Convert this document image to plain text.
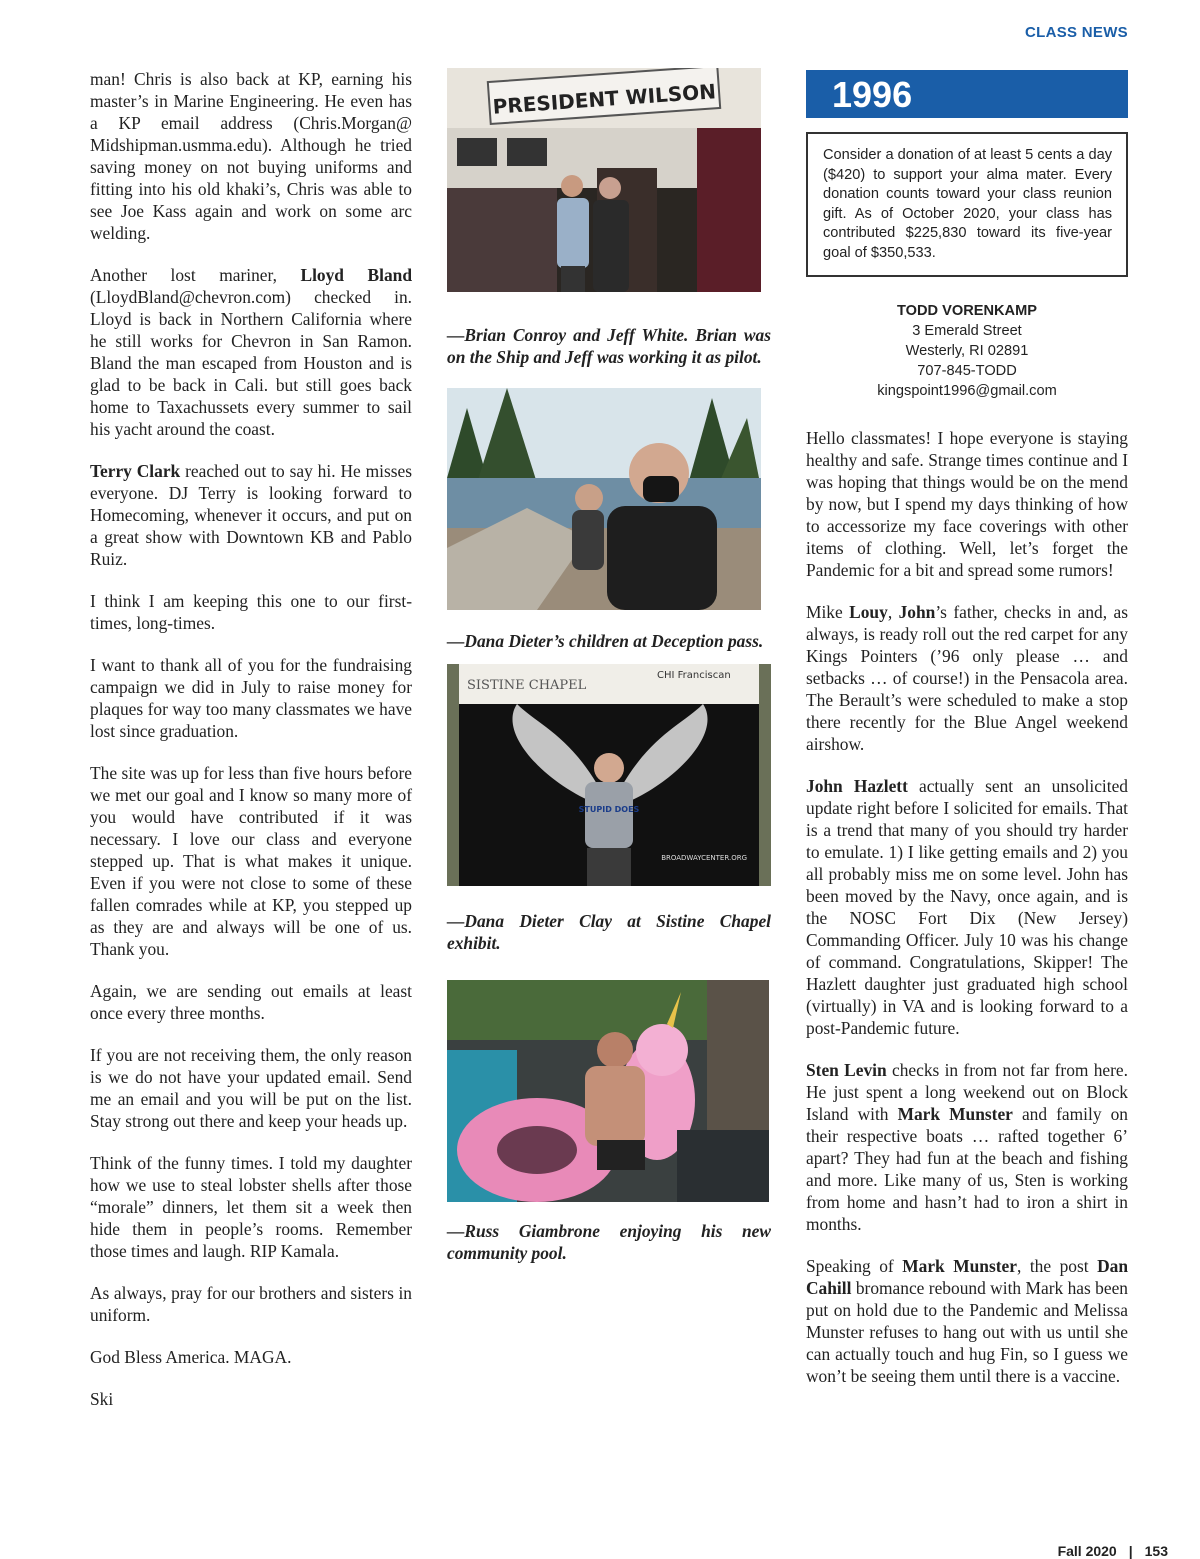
CLASS NEWS

man! Chris is also back at KP, earning his master’s in Marine Engineering. He even has a KP email address (Chris.Morgan@ Midshipman.usmma.edu). Although he tried saving money on not buying uniforms and fitting into his old khaki’s, Chris was able to see Joe Kass again and work on some arc welding.

Another lost mariner, Lloyd Bland (LloydBland@chevron.com) checked in. Lloyd is back in Northern California where he still works for Chevron in San Ramon. Bland the man escaped from Houston and is glad to be back in Cali. but still goes back home to Taxachussets every summer to sail his yacht around the coast.

Terry Clark reached out to say hi. He misses everyone. DJ Terry is looking forward to Homecoming, whenever it occurs, and put on a great show with Downtown KB and Pablo Ruiz.

I think I am keeping this one to our first-times, long-times.

I want to thank all of you for the fundraising campaign we did in July to raise money for plaques for way too many classmates we have lost since graduation.

The site was up for less than five hours before we met our goal and I know so many more of you would have contributed if it was necessary. I love our class and everyone stepped up. That is what makes it unique. Even if you were not close to some of these fallen comrades while at KP, you stepped up as they are and always will be one of us. Thank you.

Again, we are sending out emails at least once every three months.

If you are not receiving them, the only reason is we do not have your updated email. Send me an email and you will be put on the list. Stay strong out there and keep your heads up.

Think of the funny times. I told my daughter how we use to steal lobster shells after those “morale” dinners, let them sit a week then hide them in people’s rooms. Remember those times and laugh. RIP Kamala.

As always, pray for our brothers and sisters in uniform.

God Bless America. MAGA.

Ski

PRESIDENT WILSON

—Brian Conroy and Jeff White. Brian was on the Ship and Jeff was working it as pilot.

—Dana Dieter’s children at Deception pass.

SISTINE CHAPEL
CHI Franciscan
STUPID DOES
BROADWAYCENTER.ORG

—Dana Dieter Clay at Sistine Chapel exhibit.

—Russ Giambrone enjoying his new community pool.

1996
Consider a donation of at least 5 cents a day ($420) to support your alma mater. Every donation counts toward your class reunion gift. As of October 2020, your class has contributed $225,830 toward its five-year goal of $350,533.
TODD VORENKAMP
3 Emerald Street
Westerly, RI 02891
707-845-TODD
kingspoint1996@gmail.com

Hello classmates! I hope everyone is staying healthy and safe. Strange times continue and I was hoping that things would be on the mend by now, but I spend my days thinking of how to accessorize my face coverings with other items of clothing. Well, let’s forget the Pandemic for a bit and spread some rumors!

Mike Louy, John’s father, checks in and, as always, is ready roll out the red carpet for any Kings Pointers (’96 only please … and setbacks … of course!) in the Pensacola area. The Berault’s were scheduled to make a stop there recently for the Blue Angel weekend airshow.

John Hazlett actually sent an unsolicited update right before I solicited for emails. That is a trend that many of you should try harder to emulate. 1) I like getting emails and 2) you all probably miss me on some level. John has been moved by the Navy, once again, and is the NOSC Fort Dix (New Jersey) Commanding Officer. July 10 was his change of command. Congratulations, Skipper! The Hazlett daughter just graduated high school (virtually) in VA and is looking forward to a post-Pandemic future.

Sten Levin checks in from not far from here. He just spent a long weekend out on Block Island with Mark Munster and family on their respective boats … rafted together 6’ apart? They had fun at the beach and fishing and more. Like many of us, Sten is working from home and hasn’t had to iron a shirt in months.

Speaking of Mark Munster, the post Dan Cahill bromance rebound with Mark has been put on hold due to the Pandemic and Melissa Munster refuses to hang out with us until she can actually touch and hug Fin, so I guess we won’t be seeing them until there is a vaccine.

Fall 2020 | 153
